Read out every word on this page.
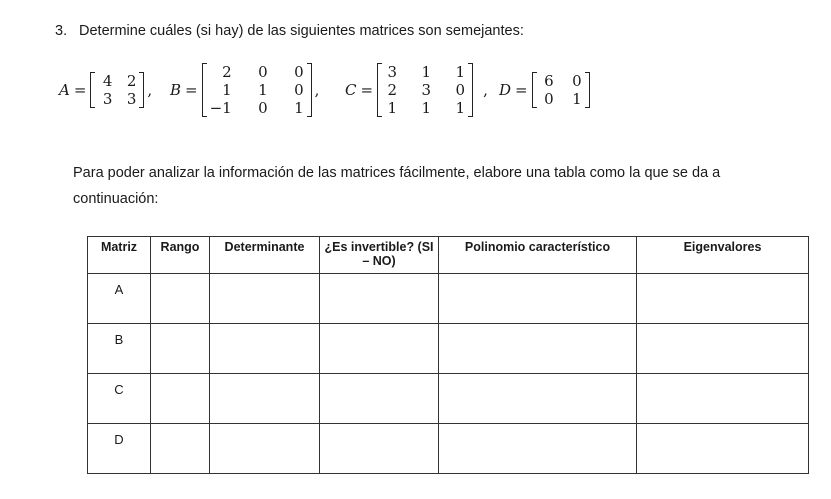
3. Determine cuáles (si hay) de las siguientes matrices son semejantes:
A = 4 2
3 3 , B =
2	0	0
1	1	0
−1	0	1
, C =
3 1 1
2 3 0
1 1 1
, D = 6 0
0 1
Para poder analizar la información de las matrices fácilmente, elabore una tabla como la que se da a continuación:
Matriz	Rango	Determinante	¿Es invertible? (SI – NO)	Polinomio característico	Eigenvalores
A					
B					
C					
D					
